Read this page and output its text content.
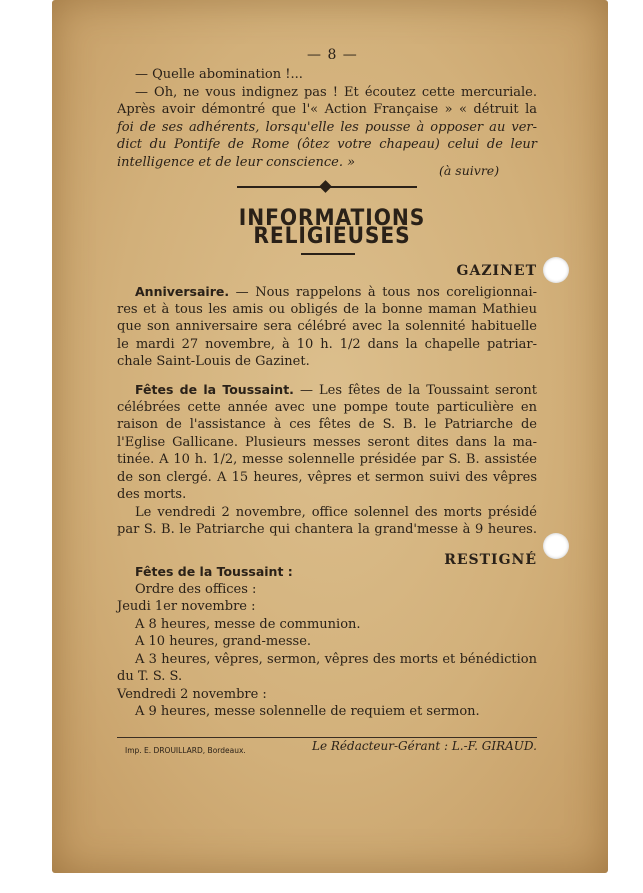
— 8 —
— Quelle abomination !...
— Oh, ne vous indignez pas ! Et écoutez cette mercuriale.
Après avoir démontré que l'« Action Française » « détruit la
foi de ses adhérents, lorsqu'elle les pousse à opposer au ver-
dict du Pontife de Rome (ôtez votre chapeau) celui de leur
intelligence et de leur conscience. »
(à suivre)
INFORMATIONS RELIGIEUSES
GAZINET
Anniversaire. — Nous rappelons à tous nos coreligionnai-
res et à tous les amis ou obligés de la bonne maman Mathieu
que son anniversaire sera célébré avec la solennité habituelle
le mardi 27 novembre, à 10 h. 1/2 dans la chapelle patriar-
chale Saint-Louis de Gazinet.
Fêtes de la Toussaint. — Les fêtes de la Toussaint seront
célébrées cette année avec une pompe toute particulière en
raison de l'assistance à ces fêtes de S. B. le Patriarche de
l'Eglise Gallicane. Plusieurs messes seront dites dans la ma-
tinée. A 10 h. 1/2, messe solennelle présidée par S. B. assistée
de son clergé. A 15 heures, vêpres et sermon suivi des vêpres
des morts.
Le vendredi 2 novembre, office solennel des morts présidé
par S. B. le Patriarche qui chantera la grand'messe à 9 heures.
RESTIGNÉ
Fêtes de la Toussaint :
Ordre des offices :
Jeudi 1er novembre :
A 8 heures, messe de communion.
A 10 heures, grand-messe.
A 3 heures, vêpres, sermon, vêpres des morts et bénédiction
du T. S. S.
Vendredi 2 novembre :
A 9 heures, messe solennelle de requiem et sermon.
Imp. E. DROUILLARD, Bordeaux.	Le Rédacteur-Gérant : L.-F. GIRAUD.
